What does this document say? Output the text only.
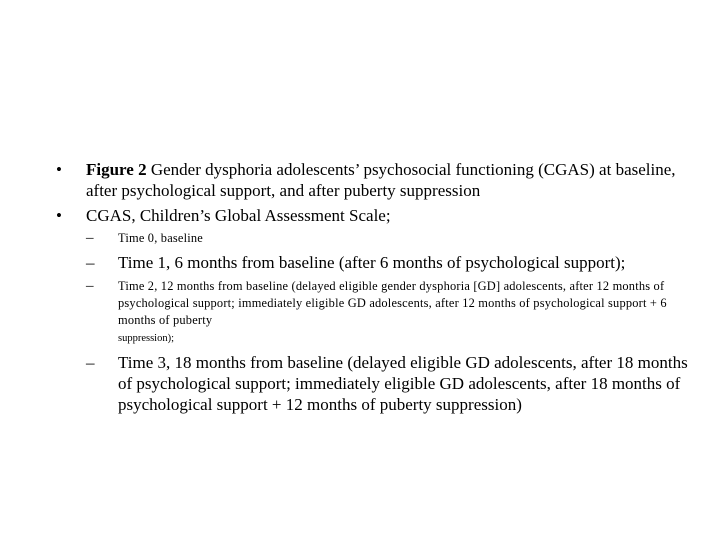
• Figure 2 Gender dysphoria adolescents’ psychosocial functioning (CGAS) at baseline, after psychological support, and after puberty suppression
• CGAS, Children’s Global Assessment Scale;
– Time 0, baseline
– Time 1, 6 months from baseline (after 6 months of psychological support);
– Time 2, 12 months from baseline (delayed eligible gender dysphoria [GD] adolescents, after 12 months of psychological support; immediately eligible GD adolescents, after 12 months of psychological support + 6 months of puberty
suppression);
– Time 3, 18 months from baseline (delayed eligible GD adolescents, after 18 months of psychological support; immediately eligible GD adolescents, after 18 months of psychological support + 12 months of puberty suppression)
